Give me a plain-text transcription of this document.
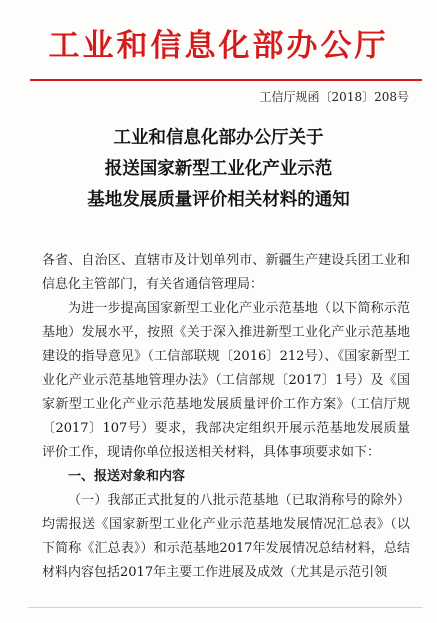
工业和信息化部办公厅
工信厅规函〔2018〕208号
工业和信息化部办公厅关于
报送国家新型工业化产业示范
基地发展质量评价相关材料的通知

各省、自治区、直辖市及计划单列市、新疆生产建设兵团工业和信息化主管部门，有关省通信管理局：

为进一步提高国家新型工业化产业示范基地（以下简称示范基地）发展水平，按照《关于深入推进新型工业化产业示范基地建设的指导意见》（工信部联规〔2016〕212号）、《国家新型工业化产业示范基地管理办法》（工信部规〔2017〕1号）及《国家新型工业化产业示范基地发展质量评价工作方案》（工信厅规〔2017〕107号）要求，我部决定组织开展示范基地发展质量评价工作，现请你单位报送相关材料，具体事项要求如下：

一、报送对象和内容

（一）我部正式批复的八批示范基地（已取消称号的除外）均需报送《国家新型工业化产业示范基地发展情况汇总表》（以下简称《汇总表》）和示范基地2017年发展情况总结材料，总结材料内容包括2017年主要工作进展及成效（尤其是示范引领
